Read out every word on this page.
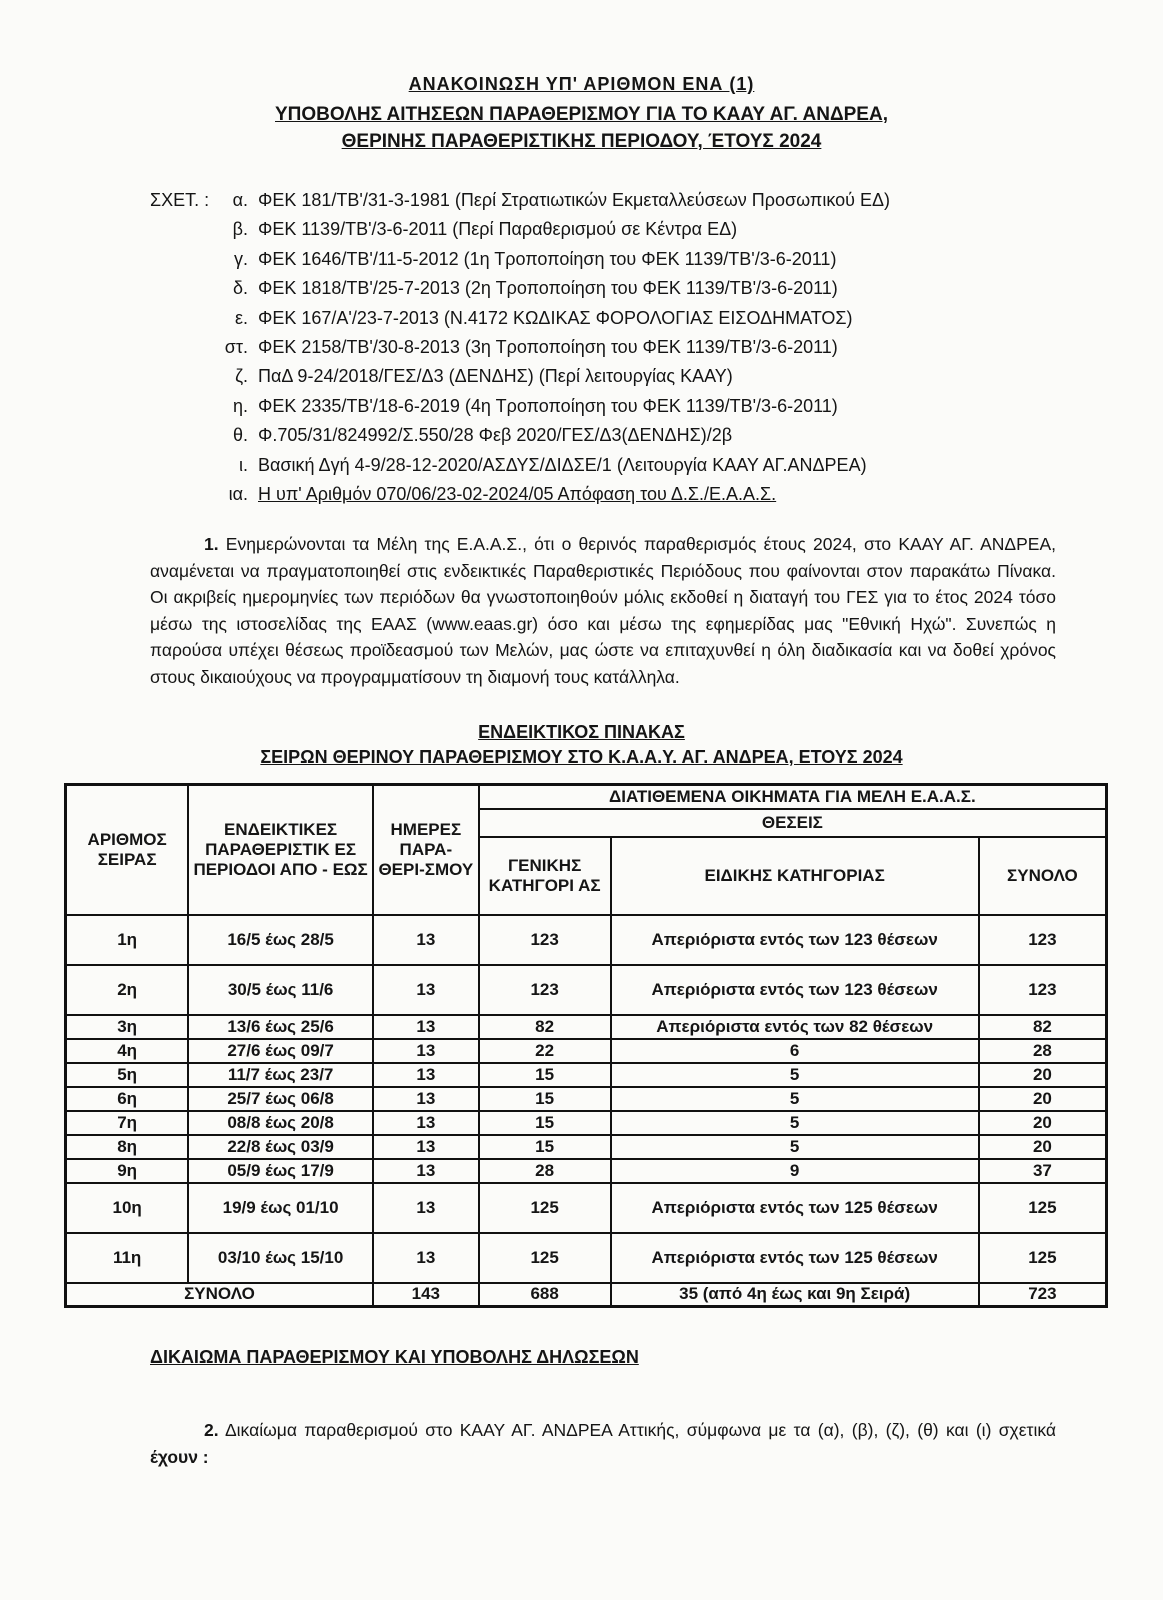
ΑΝΑΚΟΙΝΩΣΗ ΥΠ' ΑΡΙΘΜΟΝ ΕΝΑ (1)
ΥΠΟΒΟΛΗΣ ΑΙΤΗΣΕΩΝ ΠΑΡΑΘΕΡΙΣΜΟΥ ΓΙΑ ΤΟ ΚΑΑΥ ΑΓ. ΑΝΔΡΕΑ,
ΘΕΡΙΝΗΣ ΠΑΡΑΘΕΡΙΣΤΙΚΗΣ ΠΕΡΙΟΔΟΥ, ΈΤΟΥΣ 2024
ΣΧΕΤ. :	α. ΦΕΚ 181/ΤΒ'/31-3-1981 (Περί Στρατιωτικών Εκμεταλλεύσεων Προσωπικού ΕΔ)
β. ΦΕΚ 1139/ΤΒ'/3-6-2011 (Περί Παραθερισμού σε Κέντρα ΕΔ)
γ. ΦΕΚ 1646/ΤΒ'/11-5-2012 (1η Τροποποίηση του ΦΕΚ 1139/ΤΒ'/3-6-2011)
δ. ΦΕΚ 1818/ΤΒ'/25-7-2013 (2η Τροποποίηση του ΦΕΚ 1139/ΤΒ'/3-6-2011)
ε. ΦΕΚ 167/Α'/23-7-2013 (Ν.4172 ΚΩΔΙΚΑΣ ΦΟΡΟΛΟΓΙΑΣ ΕΙΣΟΔΗΜΑΤΟΣ)
στ. ΦΕΚ 2158/ΤΒ'/30-8-2013 (3η Τροποποίηση του ΦΕΚ 1139/ΤΒ'/3-6-2011)
ζ. ΠαΔ 9-24/2018/ΓΕΣ/Δ3 (ΔΕΝΔΗΣ) (Περί λειτουργίας ΚΑΑΥ)
η. ΦΕΚ 2335/ΤΒ'/18-6-2019 (4η Τροποποίηση του ΦΕΚ 1139/ΤΒ'/3-6-2011)
θ. Φ.705/31/824992/Σ.550/28 Φεβ 2020/ΓΕΣ/Δ3(ΔΕΝΔΗΣ)/2β
ι. Βασική Δγή 4-9/28-12-2020/ΑΣΔΥΣ/ΔΙΔΣΕ/1 (Λειτουργία ΚΑΑΥ ΑΓ.ΑΝΔΡΕΑ)
ια. Η υπ' Αριθμόν 070/06/23-02-2024/05 Απόφαση του Δ.Σ./Ε.Α.Α.Σ.
1. Ενημερώνονται τα Μέλη της Ε.Α.Α.Σ., ότι ο θερινός παραθερισμός έτους 2024, στο ΚΑΑΥ ΑΓ. ΑΝΔΡΕΑ, αναμένεται να πραγματοποιηθεί στις ενδεικτικές Παραθεριστικές Περιόδους που φαίνονται στον παρακάτω Πίνακα. Οι ακριβείς ημερομηνίες των περιόδων θα γνωστοποιηθούν μόλις εκδοθεί η διαταγή του ΓΕΣ για το έτος 2024 τόσο μέσω της ιστοσελίδας της ΕΑΑΣ (www.eaas.gr) όσο και μέσω της εφημερίδας μας "Εθνική Ηχώ". Συνεπώς η παρούσα υπέχει θέσεως προϊδεασμού των Μελών, μας ώστε να επιταχυνθεί η όλη διαδικασία και να δοθεί χρόνος στους δικαιούχους να προγραμματίσουν τη διαμονή τους κατάλληλα.
ΕΝΔΕΙΚΤΙΚΟΣ ΠΙΝΑΚΑΣ
ΣΕΙΡΩΝ ΘΕΡΙΝΟΥ ΠΑΡΑΘΕΡΙΣΜΟΥ ΣΤΟ Κ.Α.Α.Υ. ΑΓ. ΑΝΔΡΕΑ, ΕΤΟΥΣ 2024
ΑΡΙΘΜΟΣ ΣΕΙΡΑΣ	ΕΝΔΕΙΚΤΙΚΕΣ ΠΑΡΑΘΕΡΙΣΤΙΚ ΕΣ ΠΕΡΙΟΔΟΙ ΑΠΟ - ΕΩΣ	ΗΜΕΡΕΣ ΠΑΡΑ-ΘΕΡΙ-ΣΜΟΥ	ΔΙΑΤΙΘΕΜΕΝΑ ΟΙΚΗΜΑΤΑ ΓΙΑ ΜΕΛΗ Ε.Α.Α.Σ.		
			ΘΕΣΕΙΣ		
			ΓΕΝΙΚΗΣ ΚΑΤΗΓΟΡΙ ΑΣ	ΕΙΔΙΚΗΣ ΚΑΤΗΓΟΡΙΑΣ	ΣΥΝΟΛΟ
1η	16/5 έως 28/5	13	123	Απεριόριστα εντός των 123 θέσεων	123
2η	30/5 έως 11/6	13	123	Απεριόριστα εντός των 123 θέσεων	123
3η	13/6 έως 25/6	13	82	Απεριόριστα εντός των 82 θέσεων	82
4η	27/6 έως 09/7	13	22	6	28
5η	11/7 έως 23/7	13	15	5	20
6η	25/7 έως 06/8	13	15	5	20
7η	08/8 έως 20/8	13	15	5	20
8η	22/8 έως 03/9	13	15	5	20
9η	05/9 έως 17/9	13	28	9	37
10η	19/9 έως 01/10	13	125	Απεριόριστα εντός των 125 θέσεων	125
11η	03/10 έως 15/10	13	125	Απεριόριστα εντός των 125 θέσεων	125
ΣΥΝΟΛΟ		143	688	35 (από 4η έως και 9η Σειρά)	723
ΔΙΚΑΙΩΜΑ ΠΑΡΑΘΕΡΙΣΜΟΥ ΚΑΙ ΥΠΟΒΟΛΗΣ ΔΗΛΩΣΕΩΝ
2. Δικαίωμα παραθερισμού στο ΚΑΑΥ ΑΓ. ΑΝΔΡΕΑ Αττικής, σύμφωνα με τα (α), (β), (ζ), (θ) και (ι) σχετικά έχουν :
